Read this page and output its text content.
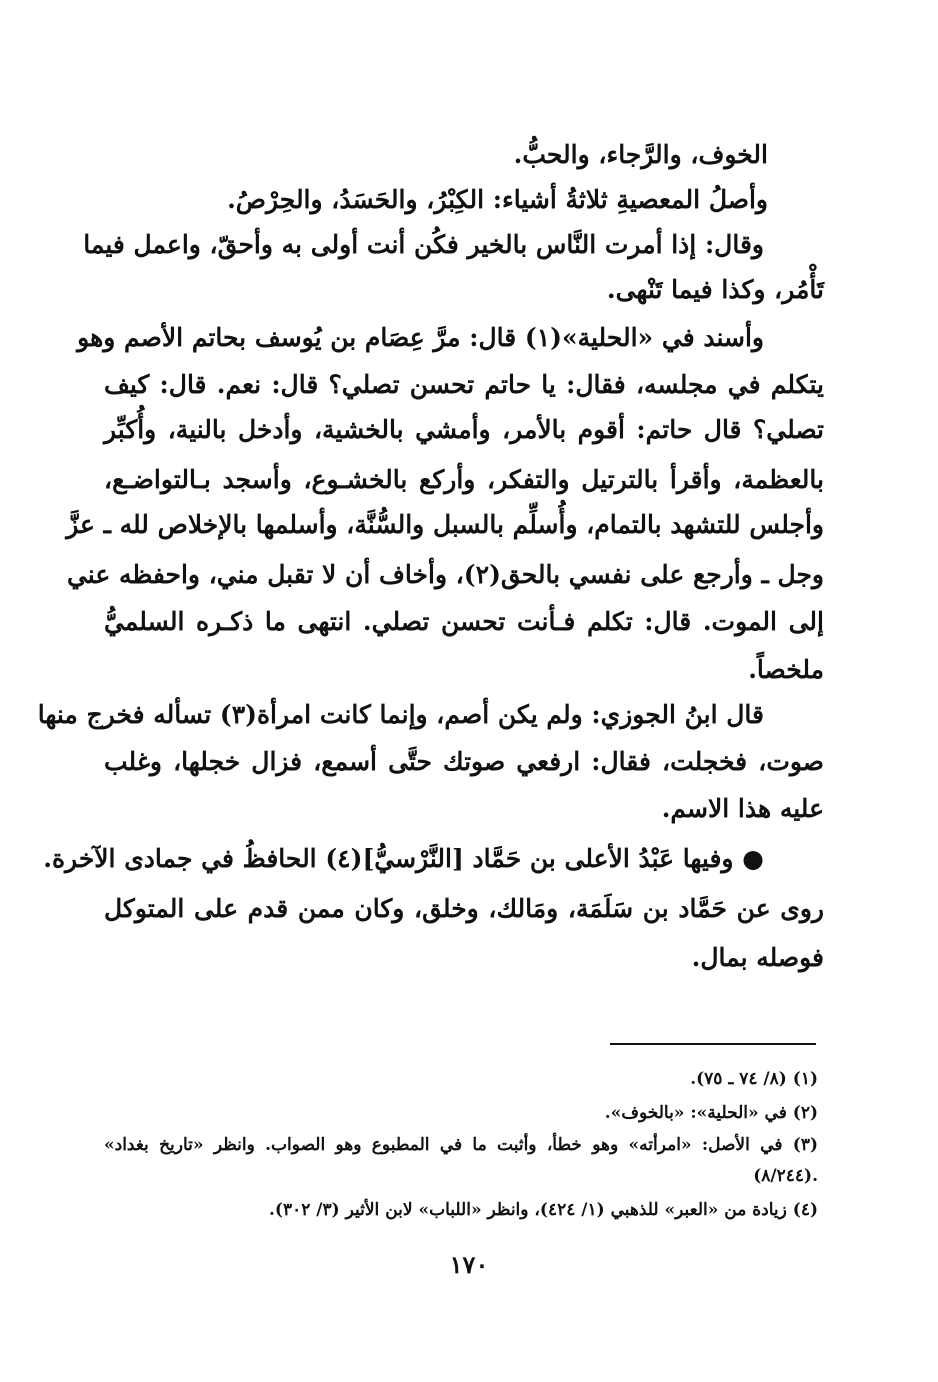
الخوف، والرَّجاء، والحبُّ.
وأصلُ المعصيةِ ثلاثةُ أشياء: الكِبْرُ، والحَسَدُ، والحِرْصُ.
وقال: إذا أمرت النَّاس بالخير فكُن أنت أولى به وأحقّ، واعمل فيما
تَأْمُر، وكذا فيما تَنْهى.
وأسند في «الحلية»(١) قال: مرَّ عِصَام بن يُوسف بحاتم الأصم وهو
يتكلم في مجلسه، فقال: يا حاتم تحسن تصلي؟ قال: نعم. قال: كيف
تصلي؟ قال حاتم: أقوم بالأمر، وأمشي بالخشية، وأدخل بالنية، وأُكبِّر
بالعظمة، وأقرأ بالترتيل والتفكر، وأركع بالخشـوع، وأسجد بـالتواضـع،
وأجلس للتشهد بالتمام، وأُسلِّم بالسبل والسُّنَّة، وأسلمها بالإخلاص لله ـ عزَّ
وجل ـ وأرجع على نفسي بالحق(٢)، وأخاف أن لا تقبل مني، واحفظه عني
إلى الموت. قال: تكلم فـأنت تحسن تصلي. انتهى ما ذكـره السلميُّ
ملخصاً.
قال ابنُ الجوزي: ولم يكن أصم، وإنما كانت امرأة(٣) تسأله فخرج منها
صوت، فخجلت، فقال: ارفعي صوتك حتَّى أسمع، فزال خجلها، وغلب
عليه هذا الاسم.
● وفيها عَبْدُ الأعلى بن حَمَّاد [النَّرْسيُّ](٤) الحافظُ في جمادى الآخرة.
روى عن حَمَّاد بن سَلَمَة، ومَالك، وخلق، وكان ممن قدم على المتوكل
فوصله بمال.
(١) (٨/ ٧٤ ـ ٧٥).
(٢) في «الحلية»: «بالخوف».
(٣) في الأصل: «امرأته» وهو خطأ، وأثبت ما في المطبوع وهو الصواب. وانظر «تاريخ بغداد»
(٨/٢٤٤).
(٤) زيادة من «العبر» للذهبي (١/ ٤٢٤)، وانظر «اللباب» لابن الأثير (٣/ ٣٠٢).
١٧٠
